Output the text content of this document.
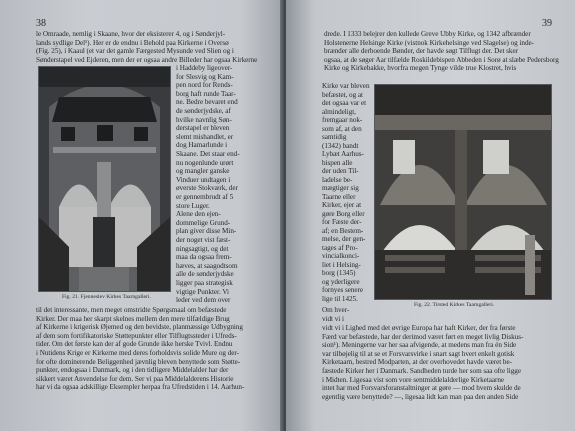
38
le Omraade, nemlig i Skaane, hvor der eksisterer 4, og i Sønderjyl-
lands sydlige Del¹). Her er de endnu i Behold paa Kirkerne i Oversø
(Fig. 25), i Kaaul (et var det gamle Færgested Mysunde ved Slien og i
Sønderstapel ved Ejderen, men der er ogsaa andre Billeder har ogsaa Kirkerne
Fig. 21. Fjenneslev Kirkes Taarngalleri.
i Haddeby ligeover-
for Slesvig og Kam-
pen nord for Rends-
borg haft runde Taar-
ne. Bedre bevaret end
de sønderjydske, af
hvilke navnlig Søn-
derstapel er bleven
slemt mishandlet, er
dog Hamarlunde i
Skaane. Det staar end-
nu nogenlunde urørt
og mangler ganske
Vinduer undtagen i
øverste Stokværk, der
er gennembrudt af 5
store Luger.
Alene den ejen-
dommelige Grund-
plan giver disse Min-
der noget vist fæst-
ningsagtigt, og det
maa da ogsaa frem-
hæves, at saagodtsom
alle de sønderjydske
ligger paa strategisk
vigtige Punkter. Vi
leder ved dem over
til det interessante, men meget omstridte Spørgsmaal om befæstede
Kirker. Der maa her skarpt skelnes mellem den mere tilfældige Brug
af Kirkerne i krigerisk Øjemed og den bevidste, planmæssige Udbygning
af dem som fortifikatoriske Støttepunkter eller Tilflugtssteder i Ufreds-
tider. Om det første kan der af gode Grunde ikke herske Tvivl. Endnu
i Nutidens Krige er Kirkerne med deres forholdsvis solide Mure og der-
for ofte dominerende Beliggenhed jævnlig bleven benyttede som Støtte-
punkter, endogsaa i Danmark, og i den tidligere Middelalder har der
sikkert været Anvendelse for dem. Ser vi paa Middelalderens Historie
har vi da ogsaa adskillige Eksempler herpaa fra Ufredstiden i 14. Aarhun-
39
drede. I 1333 belejrer den kullede Greve Ubby Kirke, og 1342 afbrænder
Holstenerne Helsinge Kirke (vistnok Kirkehelsinge ved Slagelse) og inde-
brænder alle derboende Bønder, der havde søgt Tilflugt der. Det sker
ogsaa, at de søger Aar tilfælde Roskildebispen Abbeden i Sorø at slæbe Pedersborg
Kirke og Kirkebakke, hvorfra megen Tynge vilde true Klostret, hvis
Kirke var bleven
befæstet, og at
det ogsaa var et
almindeligt,
fremgaar nok-
som af, at den
samtidig
(1342) bandt
Lybæt Aarhus-
bispen alle
der uden Til-
ladelse be-
mægtiger sig
Taarne eller
Kirker, ejer at
gøre Borg eller
for Fæste der-
af; en Bestem-
melse, der gen-
tages af Pro-
vincialkonci-
liet i Helsing-
borg (1345)
og yderligere
fornyes senere
lige til 1425.
Fig. 22. Tirsted Kirkes Taarngalleri.
Om hver-
vidt vi i
vidt vi i Lighed med det øvrige Europa har haft Kirker, der fra første
Færd var befæstede, har der derimod været ført en meget livlig Diskus-
sion¹). Meningerne var her saa afvigende, at medens man fra én Side
var tilbøjelig til at se et Forsvarsvirke i snart sagt hvert enkelt gotisk
Kirketaarn, bestred Modparten, at der overhovedet havde været be-
fæstede Kirker her i Danmark. Sandheden turde her som saa ofte ligge
i Midten. Ligesaa vist som vore sentmiddelalderlige Kirketaarne
intet har med Forsvarsforanstaltninger at gøre — mod hvem skulde de
egentlig være benyttede? —, ligesaa lidt kan man paa den anden Side
